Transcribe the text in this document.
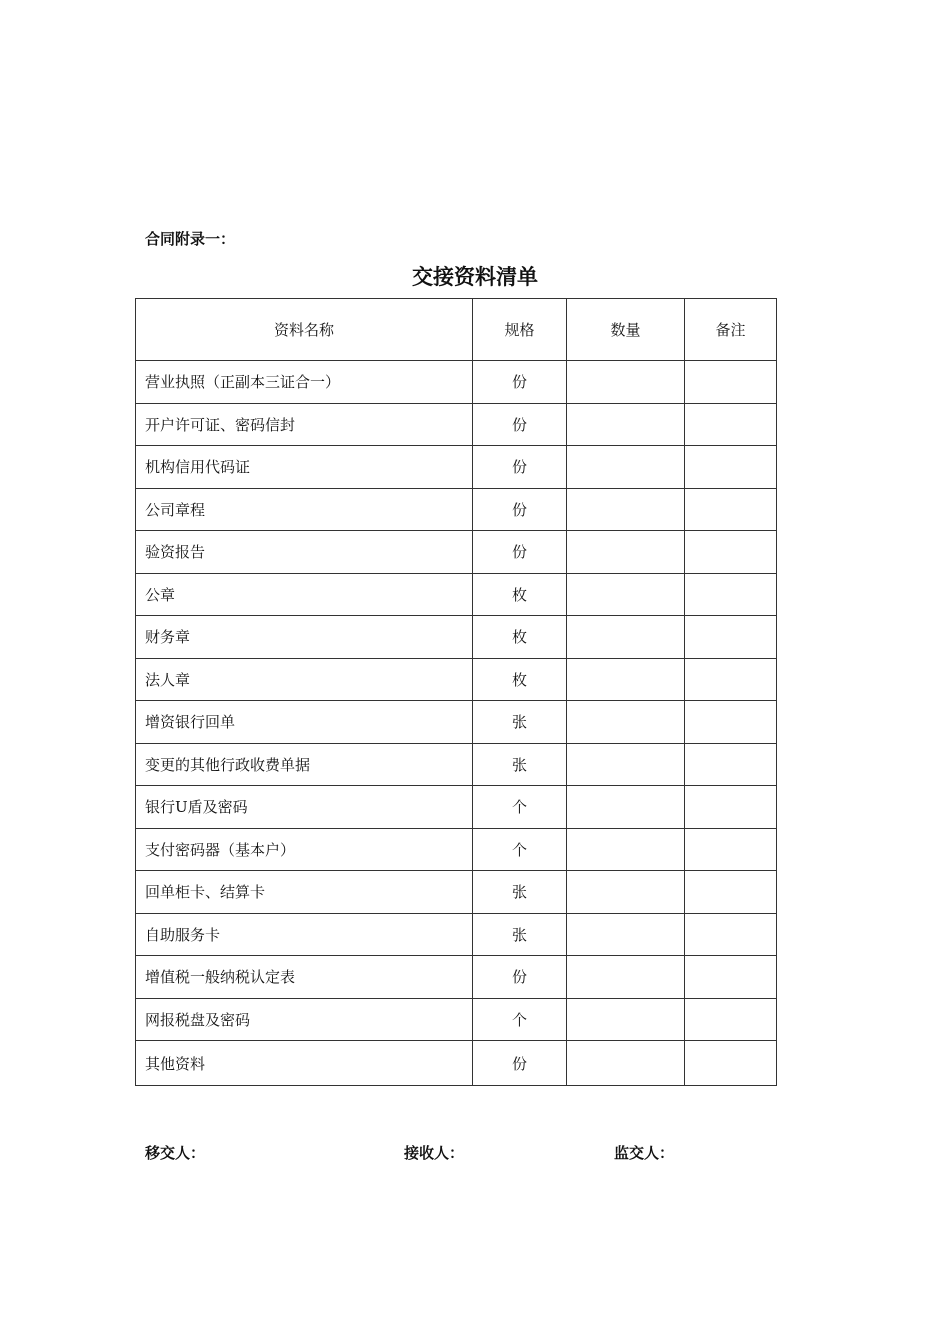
合同附录一：
交接资料清单
资料名称	规格	数量	备注
营业执照（正副本三证合一）	份		
开户许可证、密码信封	份		
机构信用代码证	份		
公司章程	份		
验资报告	份		
公章	枚		
财务章	枚		
法人章	枚		
增资银行回单	张		
变更的其他行政收费单据	张		
银行U盾及密码	个		
支付密码器（基本户）	个		
回单柜卡、结算卡	张		
自助服务卡	张		
增值税一般纳税认定表	份		
网报税盘及密码	个		
其他资料	份		
移交人：	接收人：	监交人：
